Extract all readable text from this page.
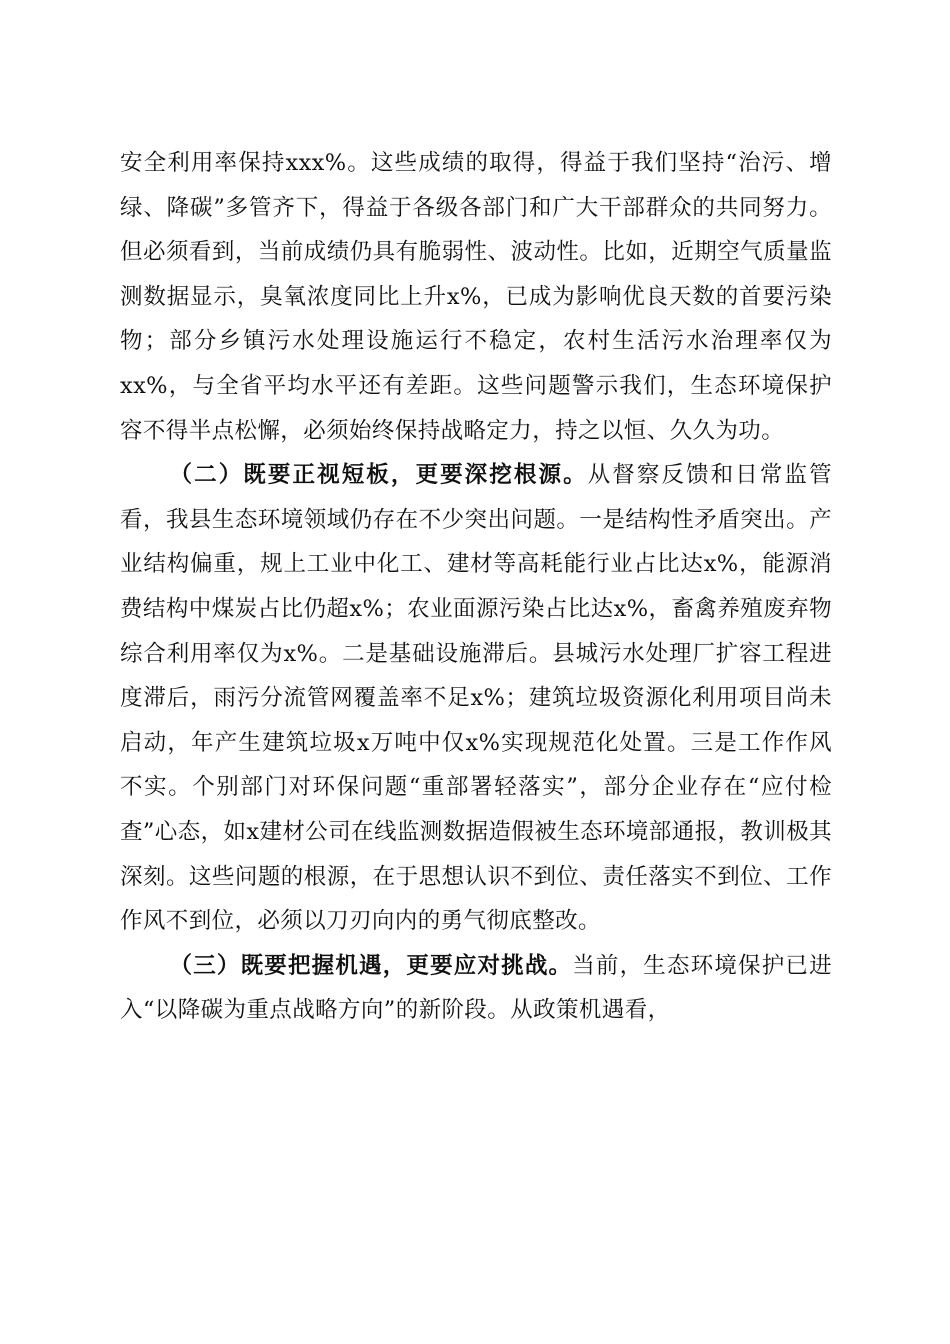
安全利用率保持xxx%。这些成绩的取得，得益于我们坚持“治污、增绿、降碳”多管齐下，得益于各级各部门和广大干部群众的共同努力。但必须看到，当前成绩仍具有脆弱性、波动性。比如，近期空气质量监测数据显示，臭氧浓度同比上升x%，已成为影响优良天数的首要污染物；部分乡镇污水处理设施运行不稳定，农村生活污水治理率仅为xx%，与全省平均水平还有差距。这些问题警示我们，生态环境保护容不得半点松懈，必须始终保持战略定力，持之以恒、久久为功。

（二）既要正视短板，更要深挖根源。从督察反馈和日常监管看，我县生态环境领域仍存在不少突出问题。一是结构性矛盾突出。产业结构偏重，规上工业中化工、建材等高耗能行业占比达x%，能源消费结构中煤炭占比仍超x%；农业面源污染占比达x%，畜禽养殖废弃物综合利用率仅为x%。二是基础设施滞后。县城污水处理厂扩容工程进度滞后，雨污分流管网覆盖率不足x%；建筑垃圾资源化利用项目尚未启动，年产生建筑垃圾x万吨中仅x%实现规范化处置。三是工作作风不实。个别部门对环保问题“重部署轻落实”，部分企业存在“应付检查”心态，如x建材公司在线监测数据造假被生态环境部通报，教训极其深刻。这些问题的根源，在于思想认识不到位、责任落实不到位、工作作风不到位，必须以刀刃向内的勇气彻底整改。

（三）既要把握机遇，更要应对挑战。当前，生态环境保护已进入“以降碳为重点战略方向”的新阶段。从政策机遇看，
